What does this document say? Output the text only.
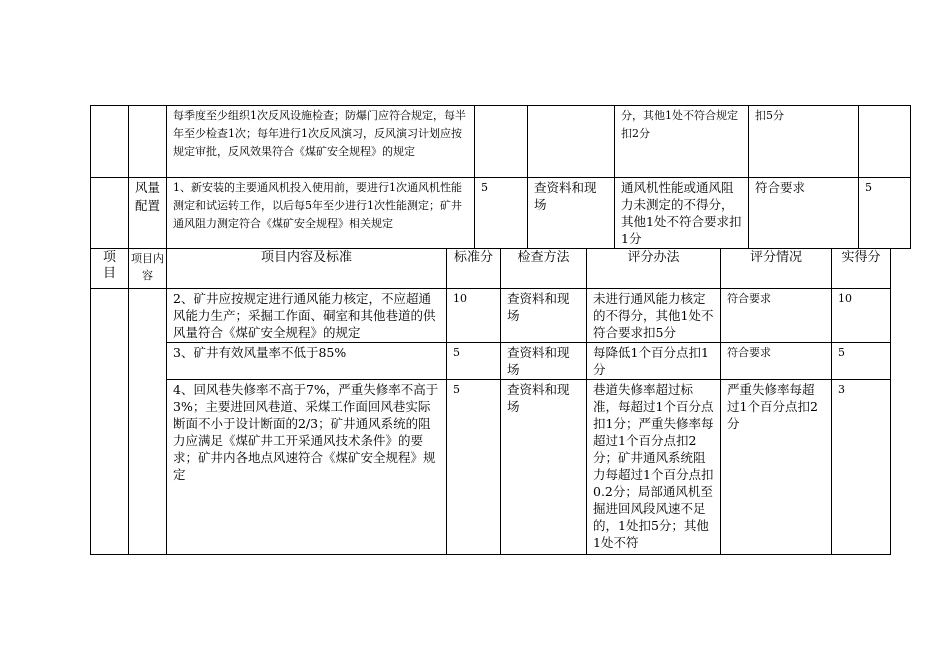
		每季度至少组织1次反风设施检查；防爆门应符合规定，每半年至少检查1次；每年进行1次反风演习，反风演习计划应按规定审批，反风效果符合《煤矿安全规程》的规定			分，其他1处不符合规定扣2分	扣5分	
	风量配置	1、新安装的主要通风机投入使用前，要进行1次通风机性能测定和试运转工作，以后每5年至少进行1次性能测定；矿井通风阻力测定符合《煤矿安全规程》相关规定	5	查资料和现场	通风机性能或通风阻力未测定的不得分，其他1处不符合要求扣1分	符合要求	5
项目	项目内容	项目内容及标准	标准分	检查方法	评分办法	评分情况	实得分
		2、矿井应按规定进行通风能力核定，不应超通风能力生产；采掘工作面、硐室和其他巷道的供风量符合《煤矿安全规程》的规定	10	查资料和现场	未进行通风能力核定的不得分，其他1处不符合要求扣5分	符合要求	10
		3、矿井有效风量率不低于85%	5	查资料和现场	每降低1个百分点扣1分	符合要求	5
		4、回风巷失修率不高于7%，严重失修率不高于3%；主要进回风巷道、采煤工作面回风巷实际断面不小于设计断面的2/3；矿井通风系统的阻力应满足《煤矿井工开采通风技术条件》的要求；矿井内各地点风速符合《煤矿安全规程》规定	5	查资料和现场	巷道失修率超过标准，每超过1个百分点扣1分；严重失修率每超过1个百分点扣2分；矿井通风系统阻力每超过1个百分点扣0.2分；局部通风机至掘进回风段风速不足的，1处扣5分；其他1处不符	严重失修率每超过1个百分点扣2分	3
